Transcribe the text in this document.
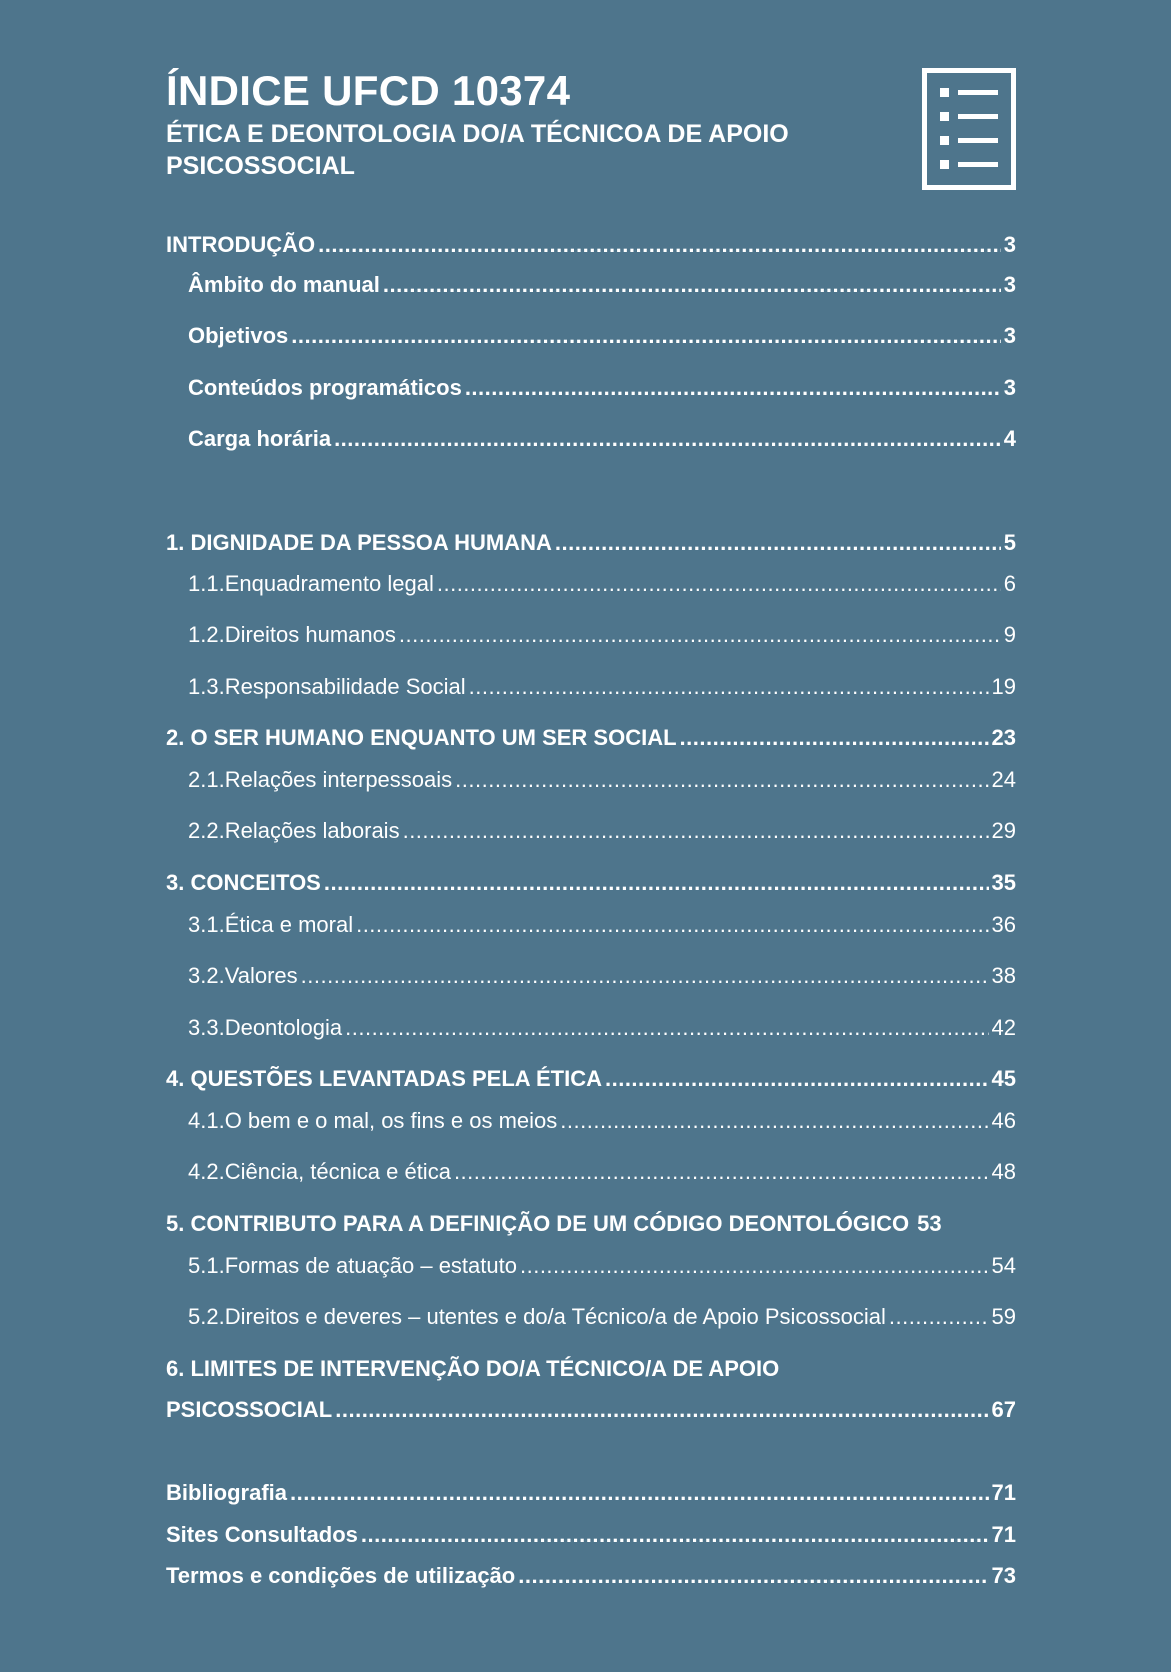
ÍNDICE UFCD 10374
ÉTICA E DEONTOLOGIA DO/A TÉCNICOA DE APOIO
PSICOSSOCIAL
INTRODUÇÃO .....	3
Âmbito do manual .....	3
Objetivos .....	3
Conteúdos programáticos .....	3
Carga horária .....	4
1. DIGNIDADE DA PESSOA HUMANA .....	5
1.1.Enquadramento legal .....	6
1.2.Direitos humanos .....	9
1.3.Responsabilidade Social .....	19
2. O SER HUMANO ENQUANTO UM SER SOCIAL .....	23
2.1.Relações interpessoais .....	24
2.2.Relações laborais .....	29
3. CONCEITOS .....	35
3.1.Ética e moral .....	36
3.2.Valores .....	38
3.3.Deontologia .....	42
4. QUESTÕES LEVANTADAS PELA ÉTICA .....	45
4.1.O bem e o mal, os fins e os meios .....	46
4.2.Ciência, técnica e ética .....	48
5. CONTRIBUTO PARA A DEFINIÇÃO DE UM CÓDIGO DEONTOLÓGICO 53
5.1.Formas de atuação – estatuto .....	54
5.2.Direitos e deveres – utentes e do/a Técnico/a de Apoio Psicossocial .....	59
6. LIMITES DE INTERVENÇÃO DO/A TÉCNICO/A DE APOIO
PSICOSSOCIAL .....	67
Bibliografia .....	71
Sites Consultados .....	71
Termos e condições de utilização .....	73
